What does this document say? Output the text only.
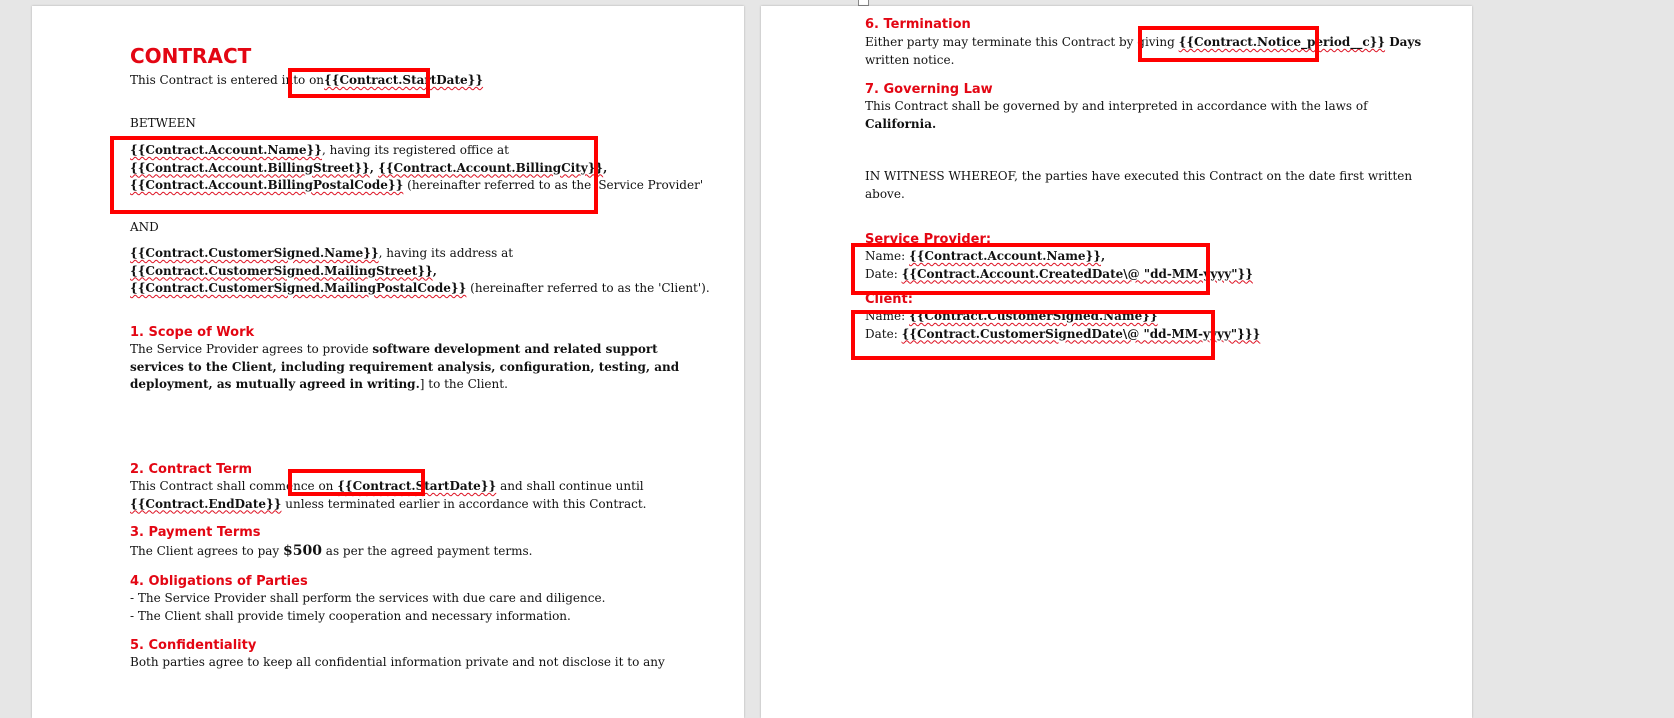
CONTRACT
This Contract is entered into on{{Contract.StartDate}}
BETWEEN
{{Contract.Account.Name}}, having its registered office at
{{Contract.Account.BillingStreet}}, {{Contract.Account.BillingCity}},
{{Contract.Account.BillingPostalCode}} (hereinafter referred to as the 'Service Provider'
AND
{{Contract.CustomerSigned.Name}}, having its address at
{{Contract.CustomerSigned.MailingStreet}},
{{Contract.CustomerSigned.MailingPostalCode}} (hereinafter referred to as the 'Client').
1. Scope of Work
The Service Provider agrees to provide software development and related support
services to the Client, including requirement analysis, configuration, testing, and
deployment, as mutually agreed in writing.] to the Client.
2. Contract Term
This Contract shall commence on {{Contract.StartDate}} and shall continue until
{{Contract.EndDate}} unless terminated earlier in accordance with this Contract.
3. Payment Terms
The Client agrees to pay $500 as per the agreed payment terms.
4. Obligations of Parties
- The Service Provider shall perform the services with due care and diligence.
- The Client shall provide timely cooperation and necessary information.
5. Confidentiality
Both parties agree to keep all confidential information private and not disclose it to any
6. Termination
Either party may terminate this Contract by giving {{Contract.Notice_period__c}} Days
written notice.
7. Governing Law
This Contract shall be governed by and interpreted in accordance with the laws of
California.
IN WITNESS WHEREOF, the parties have executed this Contract on the date first written
above.
Service Provider:
Name: {{Contract.Account.Name}},
Date: {{Contract.Account.CreatedDate\@ "dd-MM-yyyy"}}
Client:
Name: {{Contract.CustomerSigned.Name}}
Date: {{Contract.CustomerSignedDate\@ "dd-MM-yyyy"}}}
